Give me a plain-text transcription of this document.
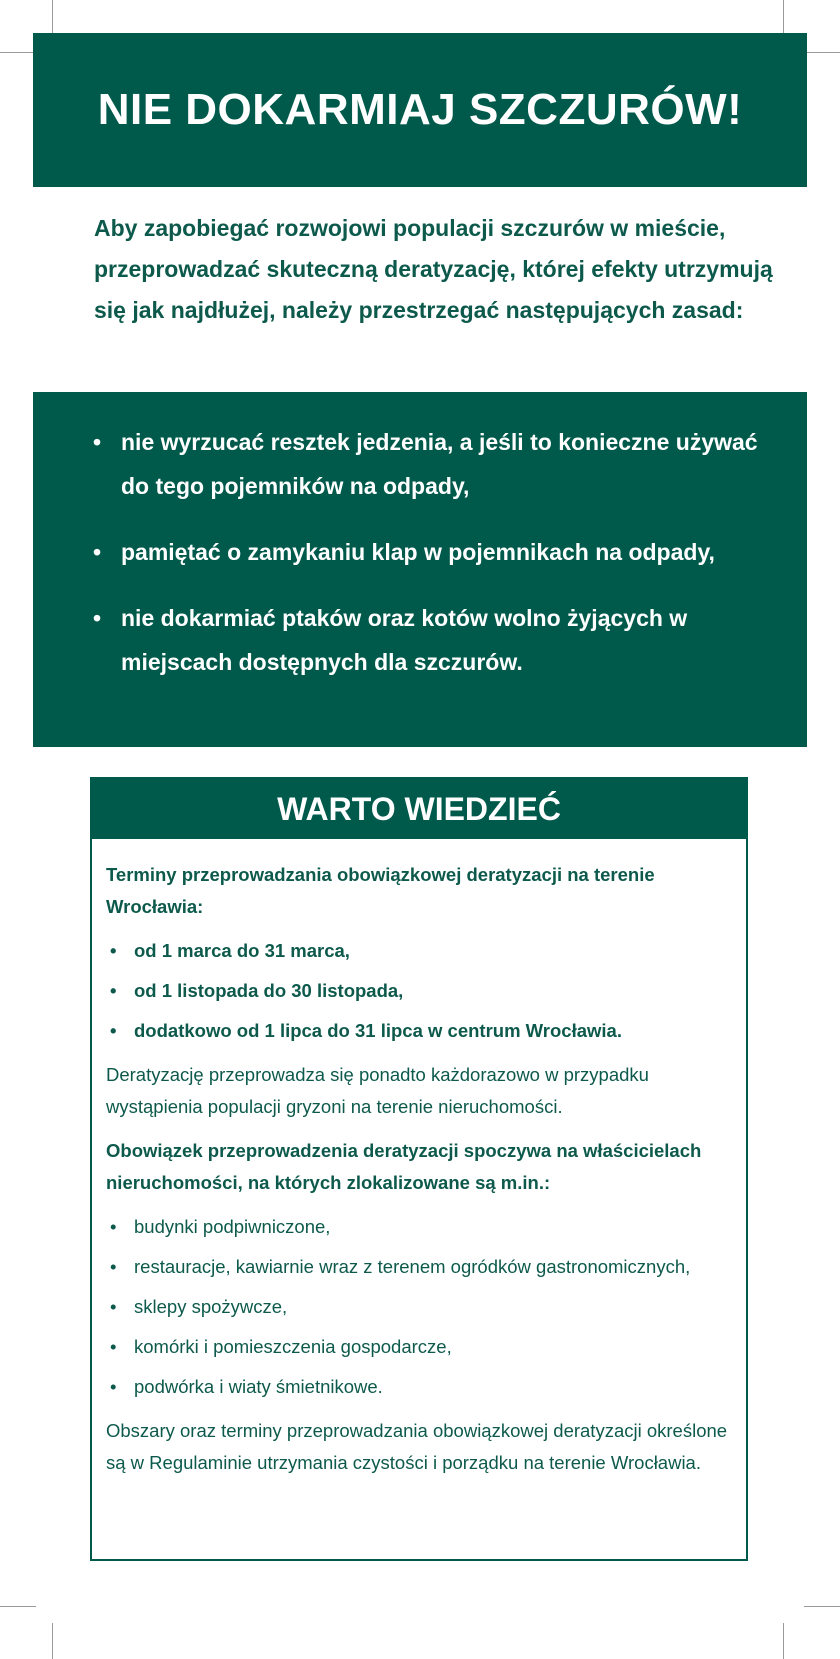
NIE DOKARMIAJ SZCZURÓW!

Aby zapobiegać rozwojowi populacji szczurów w mieście, przeprowadzać skuteczną deratyzację, której efekty utrzymują się jak najdłużej, należy przestrzegać następujących zasad:

• nie wyrzucać resztek jedzenia, a jeśli to konieczne używać do tego pojemników na odpady,
• pamiętać o zamykaniu klap w pojemnikach na odpady,
• nie dokarmiać ptaków oraz kotów wolno żyjących w miejscach dostępnych dla szczurów.
WARTO WIEDZIEĆ

Terminy przeprowadzania obowiązkowej deratyzacji na terenie Wrocławia:

• od 1 marca do 31 marca,
• od 1 listopada do 30 listopada,
• dodatkowo od 1 lipca do 31 lipca w centrum Wrocławia.

Deratyzację przeprowadza się ponadto każdorazowo w przypadku wystąpienia populacji gryzoni na terenie nieruchomości.

Obowiązek przeprowadzenia deratyzacji spoczywa na właścicielach nieruchomości, na których zlokalizowane są m.in.:

• budynki podpiwniczone,
• restauracje, kawiarnie wraz z terenem ogródków gastronomicznych,
• sklepy spożywcze,
• komórki i pomieszczenia gospodarcze,
• podwórka i wiaty śmietnikowe.

Obszary oraz terminy przeprowadzania obowiązkowej deratyzacji określone są w Regulaminie utrzymania czystości i porządku na terenie Wrocławia.
